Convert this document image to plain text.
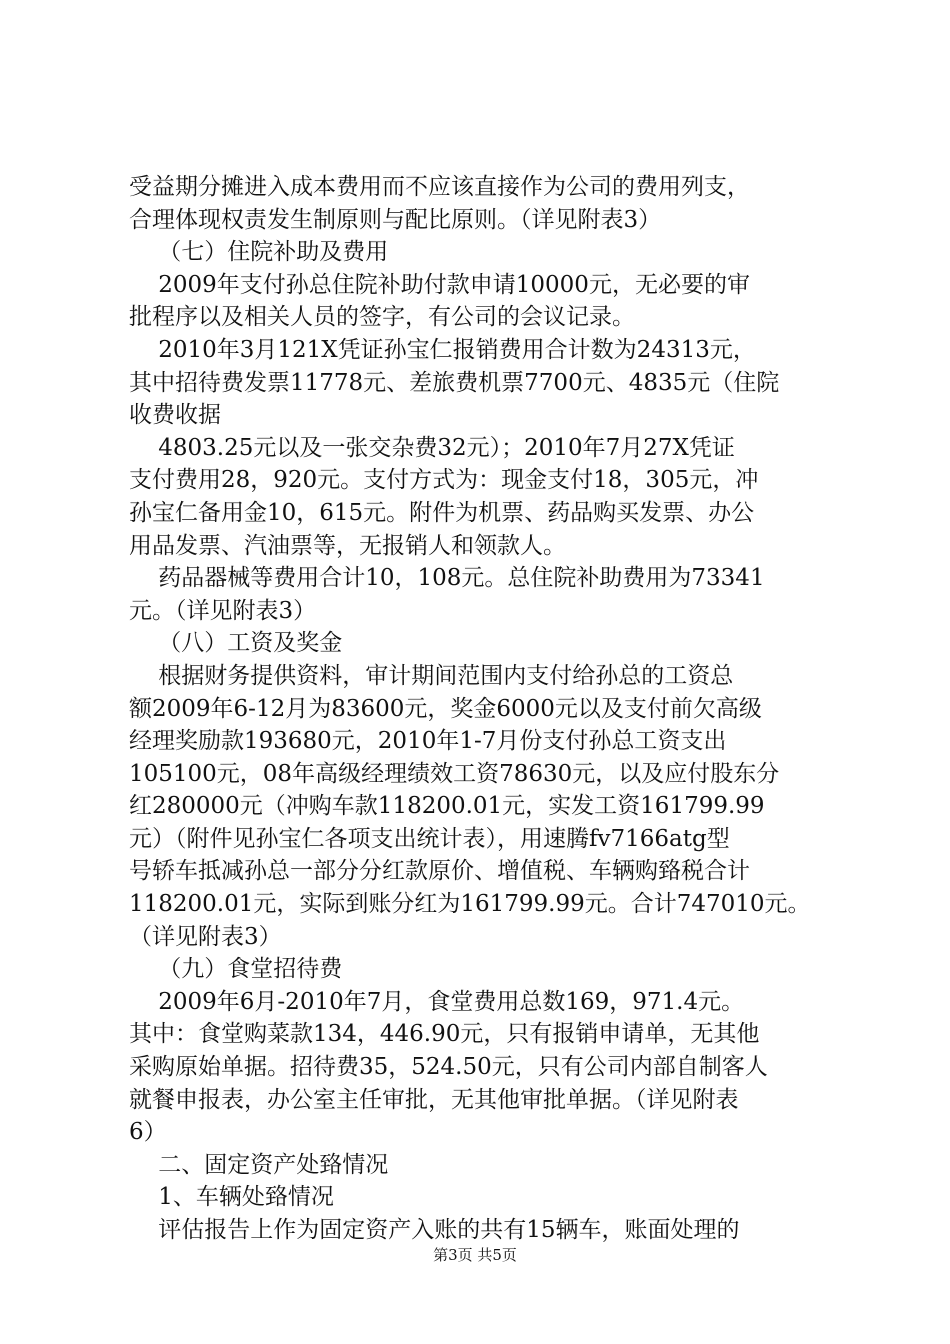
受益期分摊进入成本费用而不应该直接作为公司的费用列支，
合理体现权责发生制原则与配比原则。（详见附表3）
（七）住院补助及费用
2009年支付孙总住院补助付款申请10000元，无必要的审
批程序以及相关人员的签字，有公司的会议记录。
2010年3月121X凭证孙宝仁报销费用合计数为24313元，
其中招待费发票11778元、差旅费机票7700元、4835元（住院
收费收据
4803.25元以及一张交杂费32元）；2010年7月27X凭证
支付费用28，920元。支付方式为：现金支付18，305元，冲
孙宝仁备用金10，615元。附件为机票、药品购买发票、办公
用品发票、汽油票等，无报销人和领款人。
药品器械等费用合计10，108元。总住院补助费用为73341
元。（详见附表3）
（八）工资及奖金
根据财务提供资料，审计期间范围内支付给孙总的工资总
额2009年6-12月为83600元，奖金6000元以及支付前欠高级
经理奖励款193680元，2010年1-7月份支付孙总工资支出
105100元，08年高级经理绩效工资78630元，以及应付股东分
红280000元（冲购车款118200.01元，实发工资161799.99
元）（附件见孙宝仁各项支出统计表），用速腾fv7166atg型
号轿车抵减孙总一部分分红款原价、增值税、车辆购臵税合计
118200.01元，实际到账分红为161799.99元。合计747010元。
（详见附表3）
（九）食堂招待费
2009年6月-2010年7月，食堂费用总数169，971.4元。
其中：食堂购菜款134，446.90元，只有报销申请单，无其他
采购原始单据。招待费35，524.50元，只有公司内部自制客人
就餐申报表，办公室主任审批，无其他审批单据。（详见附表
6）
二、固定资产处臵情况
1、车辆处臵情况
评估报告上作为固定资产入账的共有15辆车，账面处理的
第3页 共5页
